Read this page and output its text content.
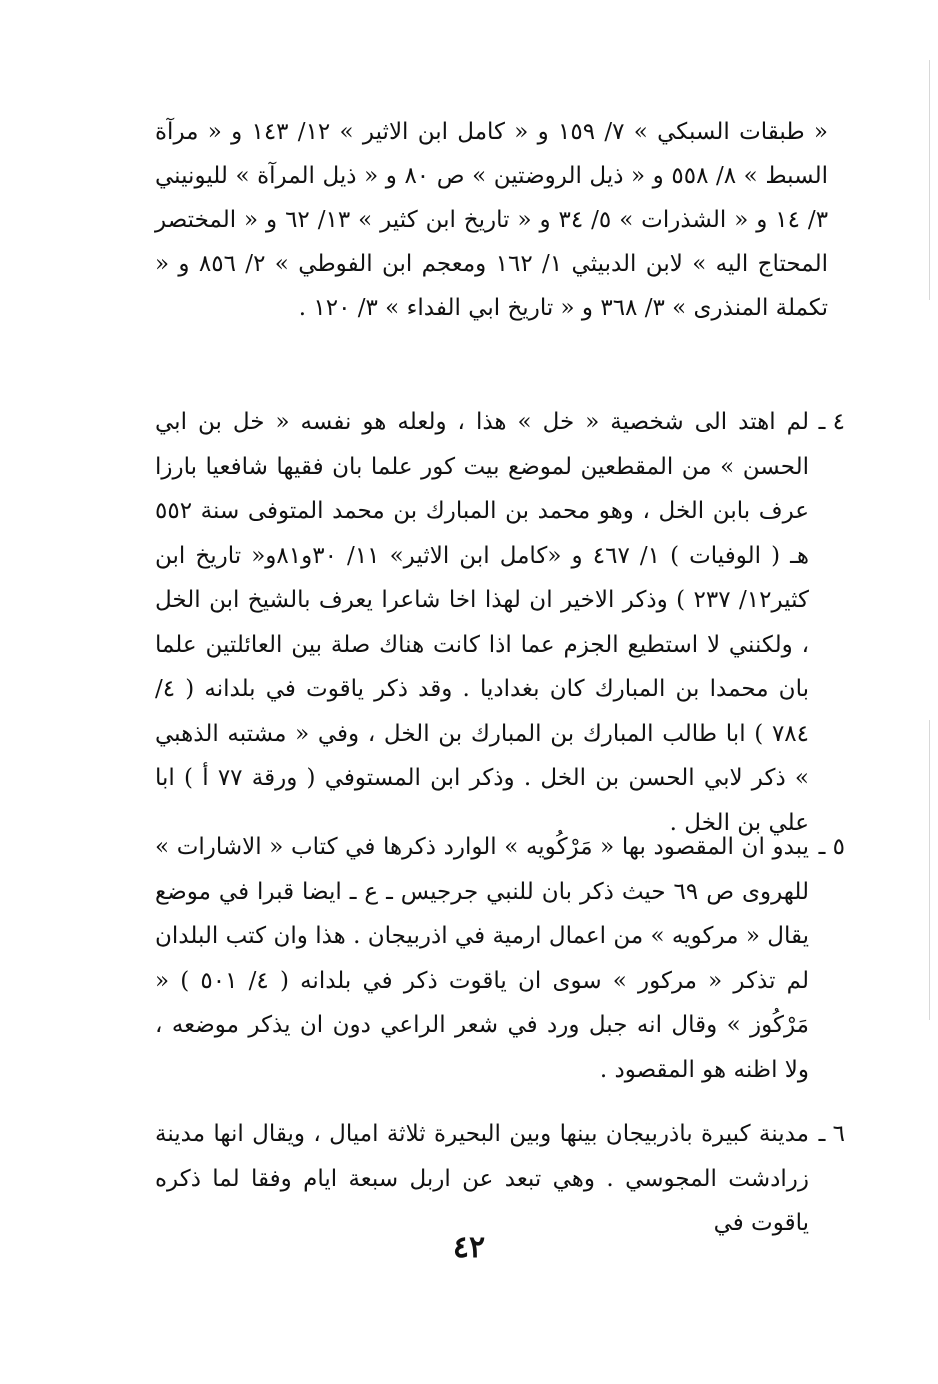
« طبقات السبكي » ٧/ ١٥٩ و « كامل ابن الاثير » ١٢/ ١٤٣ و « مرآة السبط » ٨/ ٥٥٨ و « ذيل الروضتين » ص ٨٠ و « ذيل المرآة » لليونيني ٣/ ١٤ و « الشذرات » ٥/ ٣٤ و « تاريخ ابن كثير » ١٣/ ٦٢ و « المختصر المحتاج اليه » لابن الدبيثي ١/ ١٦٢ ومعجم ابن الفوطي » ٢/ ٨٥٦ و « تكملة المنذرى » ٣/ ٣٦٨ و « تاريخ ابي الفداء » ٣/ ١٢٠ .
٤ ـ
لم اهتد الى شخصية « خل » هذا ، ولعله هو نفسه « خل بن ابي الحسن » من المقطعين لموضع بيت كور علما بان فقيها شافعيا بارزا عرف بابن الخل ، وهو محمد بن المبارك بن محمد المتوفى سنة ٥٥٢ هـ ( الوفيات ) ١/ ٤٦٧ و «كامل ابن الاثير» ١١/ ٣٠و٨١و« تاريخ ابن كثير١٢/ ٢٣٧ ) وذكر الاخير ان لهذا اخا شاعرا يعرف بالشيخ ابن الخل ، ولكنني لا استطيع الجزم عما اذا كانت هناك صلة بين العائلتين علما بان محمدا بن المبارك كان بغداديا . وقد ذكر ياقوت في بلدانه ( ٤/ ٧٨٤ ) ابا طالب المبارك بن المبارك بن الخل ، وفي « مشتبه الذهبي » ذكر لابي الحسن بن الخل . وذكر ابن المستوفي ( ورقة ٧٧ أ ) ابا علي بن الخل .
٥ ـ
يبدو ان المقصود بها « مَرْكُويه » الوارد ذكرها في كتاب « الاشارات » للهروى ص ٦٩ حيث ذكر بان للنبي جرجيس ـ ع ـ ايضا قبرا في موضع يقال « مركويه » من اعمال ارمية في اذربيجان . هذا وان كتب البلدان لم تذكر « مركور » سوى ان ياقوت ذكر في بلدانه ( ٤/ ٥٠١ ) « مَرْكُوز » وقال انه جبل ورد في شعر الراعي دون ان يذكر موضعه ، ولا اظنه هو المقصود .
٦ ـ
مدينة كبيرة باذربيجان بينها وبين البحيرة ثلاثة اميال ، ويقال انها مدينة زرادشت المجوسي . وهي تبعد عن اربل سبعة ايام وفقا لما ذكره ياقوت في
٤٢
